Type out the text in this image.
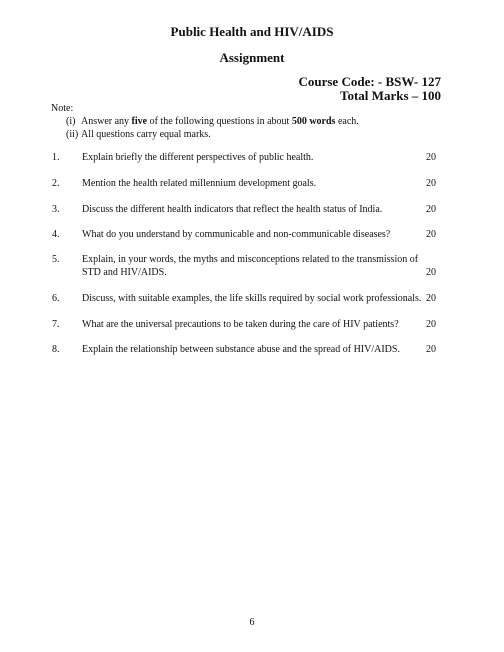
Public Health and HIV/AIDS
Assignment
Course Code: - BSW- 127
Total Marks – 100
Note:
(i) Answer any five of the following questions in about 500 words each.
(ii) All questions carry equal marks.
1. Explain briefly the different perspectives of public health.	20
2. Mention the health related millennium development goals.	20
3. Discuss the different health indicators that reflect the health status of India.	20
4. What do you understand by communicable and non-communicable diseases?	20
5. Explain, in your words, the myths and misconceptions related to the transmission of STD and HIV/AIDS.	20
6. Discuss, with suitable examples, the life skills required by social work professionals. 20
7. What are the universal precautions to be taken during the care of HIV patients?	20
8. Explain the relationship between substance abuse and the spread of HIV/AIDS.	20
6
